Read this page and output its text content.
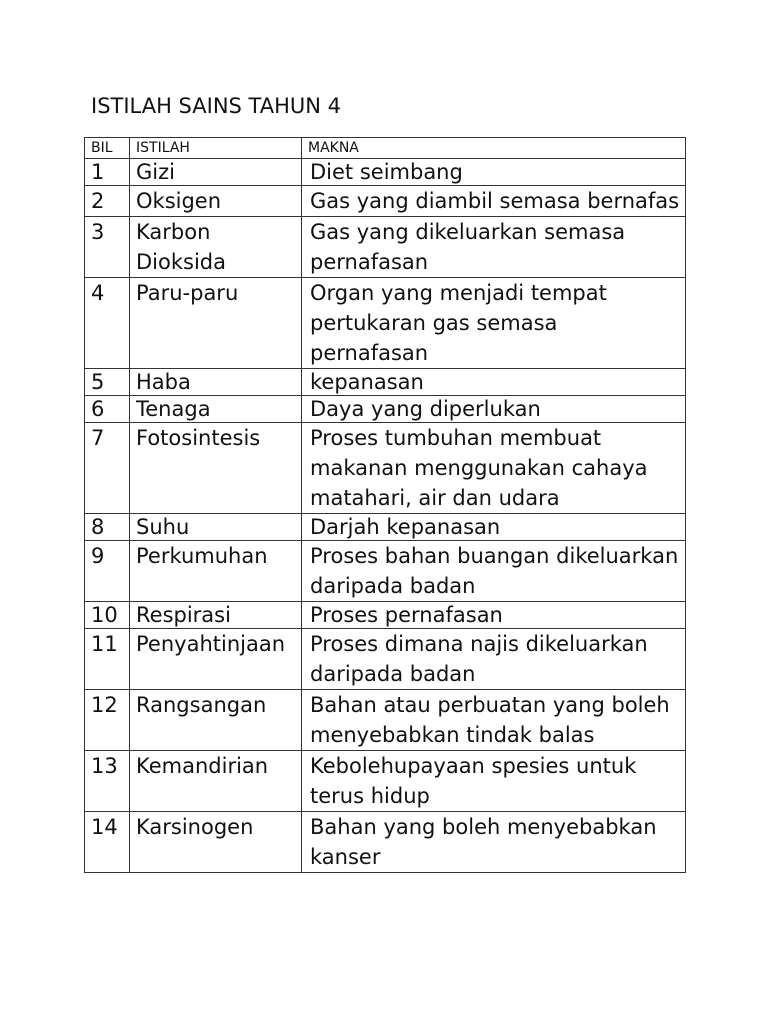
ISTILAH SAINS TAHUN 4
BIL	ISTILAH	MAKNA
1	Gizi	Diet seimbang
2	Oksigen	Gas yang diambil semasa bernafas
3	Karbon Dioksida	Gas yang dikeluarkan semasa pernafasan
4	Paru-paru	Organ yang menjadi tempat pertukaran gas semasa pernafasan
5	Haba	kepanasan
6	Tenaga	Daya yang diperlukan
7	Fotosintesis	Proses tumbuhan membuat makanan menggunakan cahaya matahari, air dan udara
8	Suhu	Darjah kepanasan
9	Perkumuhan	Proses bahan buangan dikeluarkan daripada badan
10	Respirasi	Proses pernafasan
11	Penyahtinjaan	Proses dimana najis dikeluarkan daripada badan
12	Rangsangan	Bahan atau perbuatan yang boleh menyebabkan tindak balas
13	Kemandirian	Kebolehupayaan spesies untuk terus hidup
14	Karsinogen	Bahan yang boleh menyebabkan kanser
